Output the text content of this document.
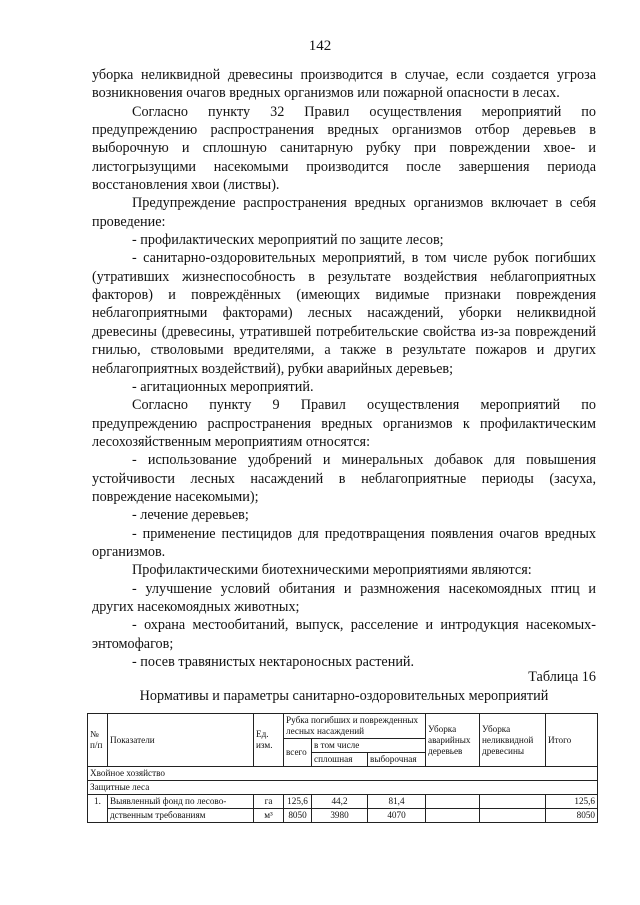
142

уборка неликвидной древесины производится в случае, если создается угроза возникновения очагов вредных организмов или пожарной опасности в лесах.

Согласно пункту 32 Правил осуществления мероприятий по предупреждению распространения вредных организмов отбор деревьев в выборочную и сплошную санитарную рубку при повреждении хвое- и листогрызущими насекомыми производится после завершения периода восстановления хвои (листвы).

Предупреждение распространения вредных организмов включает в себя проведение:

- профилактических мероприятий по защите лесов;

- санитарно-оздоровительных мероприятий, в том числе рубок погибших (утративших жизнеспособность в результате воздействия неблагоприятных факторов) и повреждённых (имеющих видимые признаки повреждения неблагоприятными факторами) лесных насаждений, уборки неликвидной древесины (древесины, утратившей потребительские свойства из-за повреждений гнилью, стволовыми вредителями, а также в результате пожаров и других неблагоприятных воздействий), рубки аварийных деревьев;

- агитационных мероприятий.

Согласно пункту 9 Правил осуществления мероприятий по предупреждению распространения вредных организмов к профилактическим лесохозяйственным мероприятиям относятся:

- использование удобрений и минеральных добавок для повышения устойчивости лесных насаждений в неблагоприятные периоды (засуха, повреждение насекомыми);

- лечение деревьев;

- применение пестицидов для предотвращения появления очагов вредных организмов.

Профилактическими биотехническими мероприятиями являются:

- улучшение условий обитания и размножения насекомоядных птиц и других насекомоядных животных;

- охрана местообитаний, выпуск, расселение и интродукция насекомых-энтомофагов;

- посев травянистых нектароносных растений.

Таблица 16
Нормативы и параметры санитарно-оздоровительных мероприятий
№ п/п	Показатели	Ед. изм.	Рубка погибших и поврежденных лесных насаждений			Уборка аварийных деревьев	Уборка неликвидной древесины	Итого
			всего	в том числе				
				сплошная	выборочная			
Хвойное хозяйство								
Защитные леса								
1.	Выявленный фонд по лесово-	га	125,6	44,2	81,4			125,6
	дственным требованиям	м³	8050	3980	4070			8050
